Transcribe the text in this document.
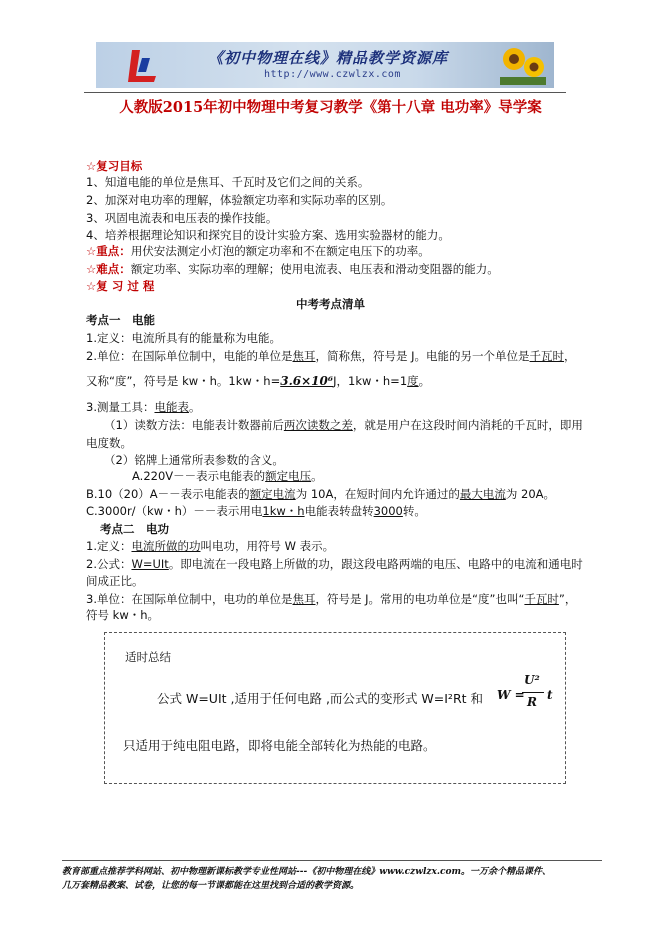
《初中物理在线》精品教学资源库
http://www.czwlzx.com
人教版2015年初中物理中考复习教学《第十八章 电功率》导学案
☆复习目标
1、知道电能的单位是焦耳、千瓦时及它们之间的关系。
2、加深对电功率的理解，体验额定功率和实际功率的区别。
3、巩固电流表和电压表的操作技能。
4、培养根据理论知识和探究目的设计实验方案、选用实验器材的能力。
☆重点：用伏安法测定小灯泡的额定功率和不在额定电压下的功率。
☆难点：额定功率、实际功率的理解；使用电流表、电压表和滑动变阻器的能力。
☆复 习 过 程
中考考点清单
考点一　电能
1.定义：电流所具有的能量称为电能。
2.单位：在国际单位制中，电能的单位是焦耳，简称焦，符号是 J。电能的另一个单位是千瓦时，
又称“度”，符号是 kw・h。1kw・h=3.6×10⁶J，1kw・h=1度。
3.测量工具：电能表。
（1）读数方法：电能表计数器前后两次读数之差，就是用户在这段时间内消耗的千瓦时，即用
电度数。
（2）铭牌上通常所表参数的含义。
A.220V－－表示电能表的额定电压。
B.10（20）A－－表示电能表的额定电流为 10A，在短时间内允许通过的最大电流为 20A。
C.3000r/（kw・h）－－表示用电1kw・h电能表转盘转3000转。
考点二　电功
1.定义：电流所做的功叫电功，用符号 W 表示。
2.公式：W=UIt。即电流在一段电路上所做的功，跟这段电路两端的电压、电路中的电流和通电时
间成正比。
3.单位：在国际单位制中，电功的单位是焦耳，符号是 J。常用的电功单位是“度”也叫“千瓦时”，
符号 kw・h。
适时总结
公式 W=UIt ,适用于任何电路 ,而公式的变形式 W=I²Rt 和 W =
U²
R t
只适用于纯电阻电路，即将电能全部转化为热能的电路。
教育部重点推荐学科网站、初中物理新课标教学专业性网站---《初中物理在线》www.czwlzx.com。一万余个精品课件、
几万套精品教案、试卷，让您的每一节课都能在这里找到合适的教学资源。
